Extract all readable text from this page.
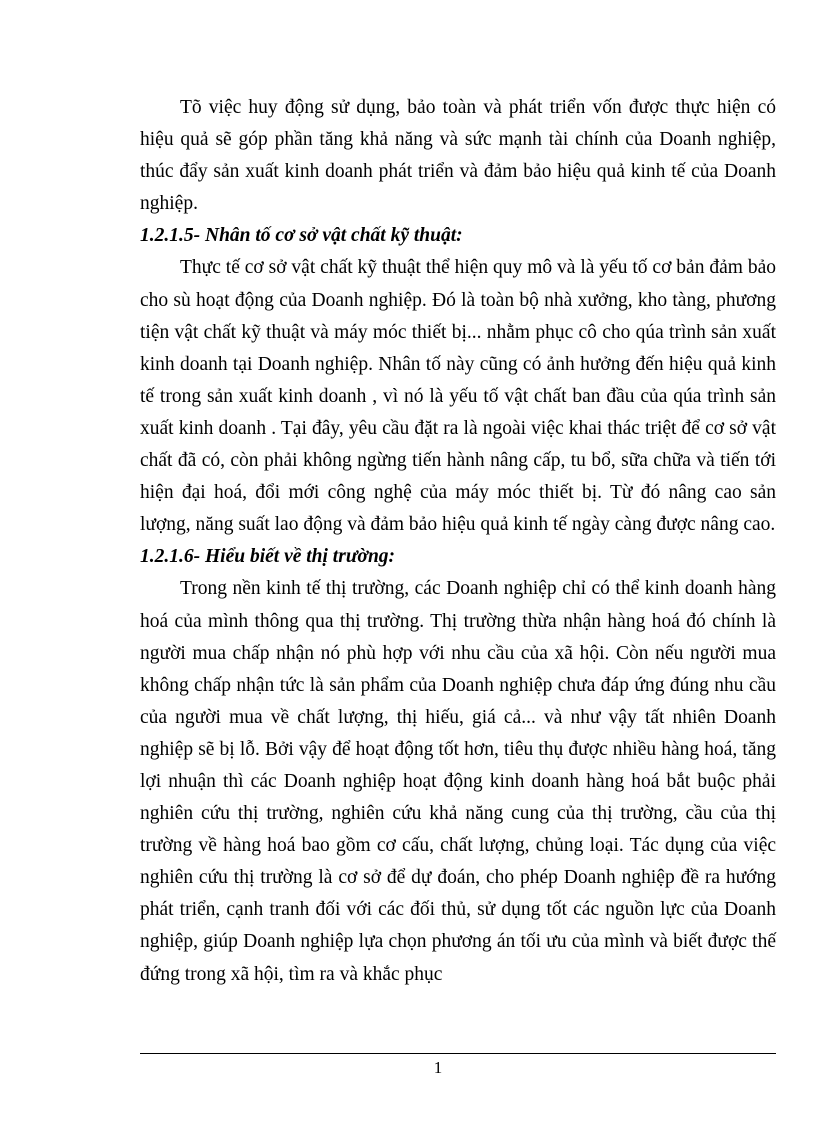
Tõ việc huy động sử dụng, bảo toàn và phát triển vốn được thực hiện có hiệu quả sẽ góp phần tăng khả năng và sức mạnh tài chính của Doanh nghiệp, thúc đẩy sản xuất kinh doanh phát triển và đảm bảo hiệu quả kinh tế của Doanh nghiệp.

1.2.1.5- Nhân tố cơ sở vật chất kỹ thuật:

Thực tế cơ sở vật chất kỹ thuật thể hiện quy mô và là yếu tố cơ bản đảm bảo cho sù hoạt động của Doanh nghiệp. Đó là toàn bộ nhà xưởng, kho tàng, phương tiện vật chất kỹ thuật và máy móc thiết bị... nhằm phục cô cho qúa trình sản xuất kinh doanh tại Doanh nghiệp. Nhân tố này cũng có ảnh hưởng đến hiệu quả kinh tế trong sản xuất kinh doanh , vì nó là yếu tố vật chất ban đầu của qúa trình sản xuất kinh doanh . Tại đây, yêu cầu đặt ra là ngoài việc khai thác triệt để cơ sở vật chất đã có, còn phải không ngừng tiến hành nâng cấp, tu bổ, sữa chữa và tiến tới hiện đại hoá, đổi mới công nghệ của máy móc thiết bị. Từ đó nâng cao sản lượng, năng suất lao động và đảm bảo hiệu quả kinh tế ngày càng được nâng cao.

1.2.1.6- Hiểu biết về thị trường:

Trong nền kinh tế thị trường, các Doanh nghiệp chỉ có thể kinh doanh hàng hoá của mình thông qua thị trường. Thị trường thừa nhận hàng hoá đó chính là người mua chấp nhận nó phù hợp với nhu cầu của xã hội. Còn nếu người mua không chấp nhận tức là sản phẩm của Doanh nghiệp chưa đáp ứng đúng nhu cầu của người mua về chất lượng, thị hiếu, giá cả... và như vậy tất nhiên Doanh nghiệp sẽ bị lỗ. Bởi vậy để hoạt động tốt hơn, tiêu thụ được nhiều hàng hoá, tăng lợi nhuận thì các Doanh nghiệp hoạt động kinh doanh hàng hoá bắt buộc phải nghiên cứu thị trường, nghiên cứu khả năng cung của thị trường, cầu của thị trường về hàng hoá bao gồm cơ cấu, chất lượng, chủng loại. Tác dụng của việc nghiên cứu thị trường là cơ sở để dự đoán, cho phép Doanh nghiệp đề ra hướng phát triển, cạnh tranh đối với các đối thủ, sử dụng tốt các nguồn lực của Doanh nghiệp, giúp Doanh nghiệp lựa chọn phương án tối ưu của mình và biết được thế đứng trong xã hội, tìm ra và khắc phục

1
